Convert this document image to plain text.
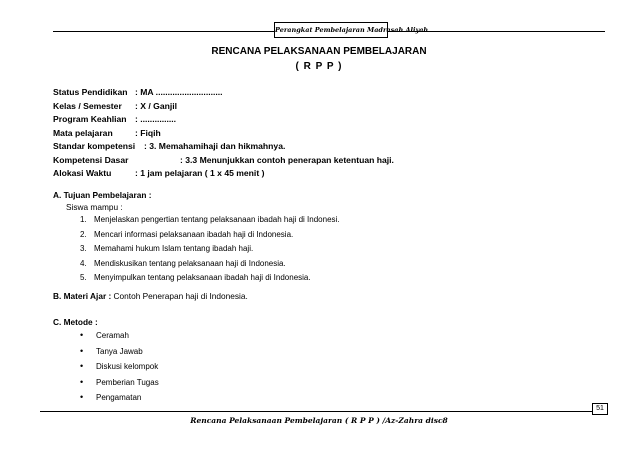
Perangkat Pembelajaran Madrasah Aliyah
RENCANA PELAKSANAAN PEMBELAJARAN
( R P P )
Status Pendidikan : MA ............................
Kelas / Semester : X / Ganjil
Program Keahlian : ...............
Mata pelajaran	: Fiqih
Standar kompetensi : 3. Memahamihaji dan hikmahnya.
Kompetensi Dasar	: 3.3 Menunjukkan contoh penerapan ketentuan haji.
Alokasi Waktu	: 1 jam pelajaran ( 1 x 45 menit )
A. Tujuan Pembelajaran :
Siswa mampu :
1. Menjelaskan pengertian tentang pelaksanaan ibadah haji di Indonesi.
2. Mencari informasi pelaksanaan ibadah haji di Indonesia.
3. Memahami hukum Islam tentang ibadah haji.
4. Mendiskusikan tentang pelaksanaan haji di Indonesia.
5. Menyimpulkan tentang pelaksanaan ibadah haji di Indonesia.
B. Materi Ajar : Contoh Penerapan haji di Indonesia.
C. Metode :
• Ceramah
• Tanya Jawab
• Diskusi kelompok
• Pemberian Tugas
• Pengamatan
51
Rencana Pelaksanaan Pembelajaran ( R P P ) /Az-Zahra disc8
